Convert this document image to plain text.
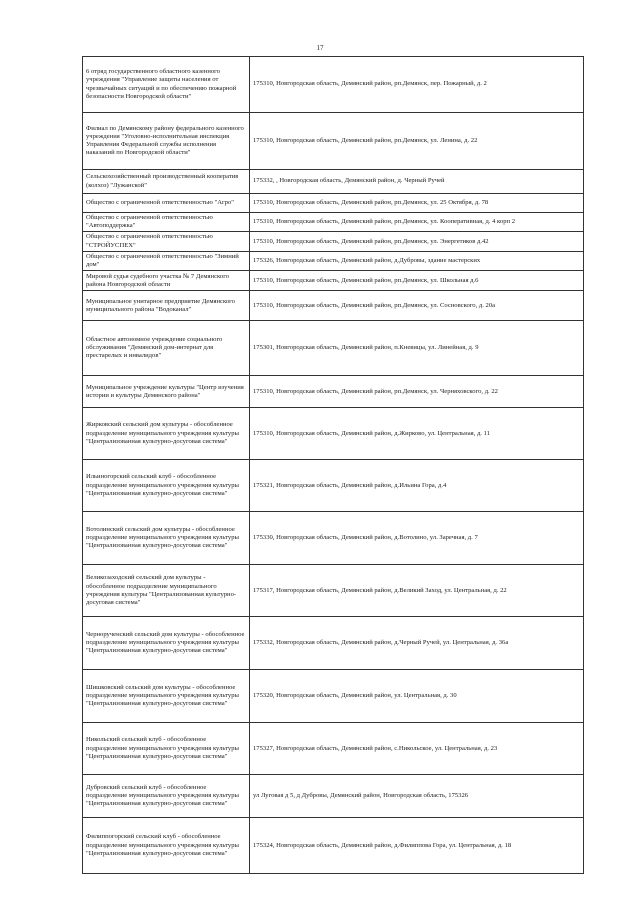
17
6 отряд государственного областного казенного учреждения "Управление защиты населения от чрезвычайных ситуаций и по обеспечению пожарной безопасности Новгородской области"	175310, Новгородская область, Демянский район, рп.Демянск, пер. Пожарный, д. 2
Филиал по Демянскому району федерального казенного учреждения "Уголовно-исполнительная инспекция Управления Федеральной службы исполнения наказаний по Новгородской области"	175310, Новгородская область, Демянский район, рп.Демянск, ул. Ленина, д. 22
Сельскохозяйственный производственный кооператив (колхоз) "Лужанской"	175332, , Новгородская область, Демянский район, д. Черный Ручей
Общество с ограниченной ответственностью "Агро"	175310, Новгородская область, Демянский район, рп.Демянск, ул. 25 Октября, д. 78
Общество с ограниченной ответственностью "Автоподдержка"	175310, Новгородская область, Демянский район, рп.Демянск, ул. Кооперативная, д. 4 корп 2
Общество с ограниченной ответственностью "СТРОЙУСПЕХ"	175310, Новгородская область, Демянский район, рп.Демянск, ул. Энергетиков д.42
Общество с ограниченной ответственностью "Зимний дом"	175326, Новгородская область, Демянский район, д.Дубровы, здание мастерских
Мировой судья судебного участка № 7 Демянского района Новгородской области	175310, Новгородская область, Демянский район, рп.Демянск, ул. Школьная д.6
Муниципальное унитарное предприятие Демянского муниципального района "Водоканал"	175310, Новгородская область, Демянский район, рп.Демянск, ул. Сосновского, д. 20а
Областное автономное учреждение социального обслуживания "Демянский дом-интернат для престарелых и инвалидов"	175301, Новгородская область, Демянский район, п.Кневицы, ул. Линейная, д. 9
Муниципальное учреждение культуры "Центр изучения истории и культуры Демянского района"	175310, Новгородская область, Демянский район, рп.Демянск, ул. Черняховского, д. 22
Жирковский сельский дом культуры - обособленное подразделение муниципального учреждения культуры "Централизованная культурно-досуговая система"	175310, Новгородская область, Демянский район, д.Жирково, ул. Центральная, д. 11
Ильиногорский сельский клуб - обособленное подразделение муниципального учреждения культуры "Централизованная культурно-досуговая система"	175321, Новгородская область, Демянский район, д.Ильина Гора, д.4
Вотолинский сельский дом культуры - обособленное подразделение муниципального учреждения культуры "Централизованная культурно-досуговая система"	175330, Новгородская область, Демянский район, д.Вотолино, ул. Заречная, д. 7
Великозаходский сельский дом культуры - обособленное подразделение муниципального учреждения культуры "Централизованная культурно-досуговая система"	175317, Новгородская область, Демянский район, д.Великий Заход, ул. Центральная, д. 22
Чернорученский сельский дом культуры - обособленное подразделение муниципального учреждения культуры "Централизованная культурно-досуговая система"	175332, Новгородская область, Демянский район, д.Черный Ручей, ул. Центральная, д. 36а
Шишковский сельский дом культуры - обособленное подразделение муниципального учреждения культуры "Централизованная культурно-досуговая система"	175320, Новгородская область, Демянский район, ул. Центральная, д. 30
Никольский сельский клуб - обособленное подразделение муниципального учреждения культуры "Централизованная культурно-досуговая система"	175327, Новгородская область, Демянский район, с.Никольское, ул. Центральная, д. 23
Дубровский сельский клуб - обособленное подразделение муниципального учреждения культуры "Централизованная культурно-досуговая система"	ул Луговая д 5, д Дубровы, Демянский район, Новгородская область, 175326
Филиппогорский сельский клуб - обособленное подразделение муниципального учреждения культуры "Централизованная культурно-досуговая система"	175324, Новгородская область, Демянский район, д.Филиппова Гора, ул. Центральная, д. 18
